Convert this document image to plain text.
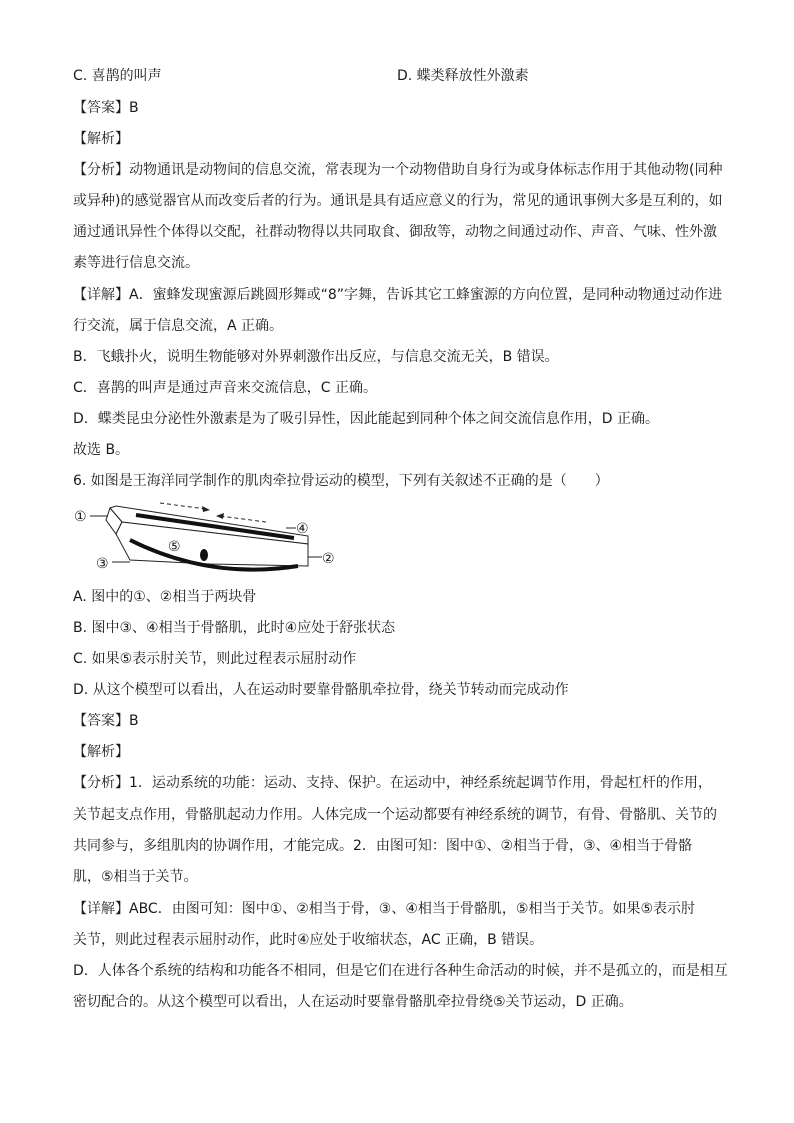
C. 喜鹊的叫声	D. 蝶类释放性外激素
【答案】B
【解析】
【分析】动物通讯是动物间的信息交流，常表现为一个动物借助自身行为或身体标志作用于其他动物(同种
或异种)的感觉器官从而改变后者的行为。通讯是具有适应意义的行为，常见的通讯事例大多是互利的，如
通过通讯异性个体得以交配，社群动物得以共同取食、御敌等，动物之间通过动作、声音、气味、性外激
素等进行信息交流。
【详解】A．蜜蜂发现蜜源后跳圆形舞或“8”字舞，告诉其它工蜂蜜源的方向位置，是同种动物通过动作进
行交流，属于信息交流，A 正确。
B．飞蛾扑火，说明生物能够对外界刺激作出反应，与信息交流无关，B 错误。
C．喜鹊的叫声是通过声音来交流信息，C 正确。
D．蝶类昆虫分泌性外激素是为了吸引异性，因此能起到同种个体之间交流信息作用，D 正确。
故选 B。
6. 如图是王海洋同学制作的肌肉牵拉骨运动的模型，下列有关叙述不正确的是（　　）
①
②
③
④
⑤
A. 图中的①、②相当于两块骨
B. 图中③、④相当于骨骼肌，此时④应处于舒张状态
C. 如果⑤表示肘关节，则此过程表示屈肘动作
D. 从这个模型可以看出，人在运动时要靠骨骼肌牵拉骨，绕关节转动而完成动作
【答案】B
【解析】
【分析】1．运动系统的功能：运动、支持、保护。在运动中，神经系统起调节作用，骨起杠杆的作用，
关节起支点作用，骨骼肌起动力作用。人体完成一个运动都要有神经系统的调节，有骨、骨骼肌、关节的
共同参与，多组肌肉的协调作用，才能完成。2．由图可知：图中①、②相当于骨，③、④相当于骨骼
肌，⑤相当于关节。
【详解】ABC．由图可知：图中①、②相当于骨，③、④相当于骨骼肌，⑤相当于关节。如果⑤表示肘
关节，则此过程表示屈肘动作，此时④应处于收缩状态，AC 正确，B 错误。
D．人体各个系统的结构和功能各不相同，但是它们在进行各种生命活动的时候，并不是孤立的，而是相互
密切配合的。从这个模型可以看出，人在运动时要靠骨骼肌牵拉骨绕⑤关节运动，D 正确。
